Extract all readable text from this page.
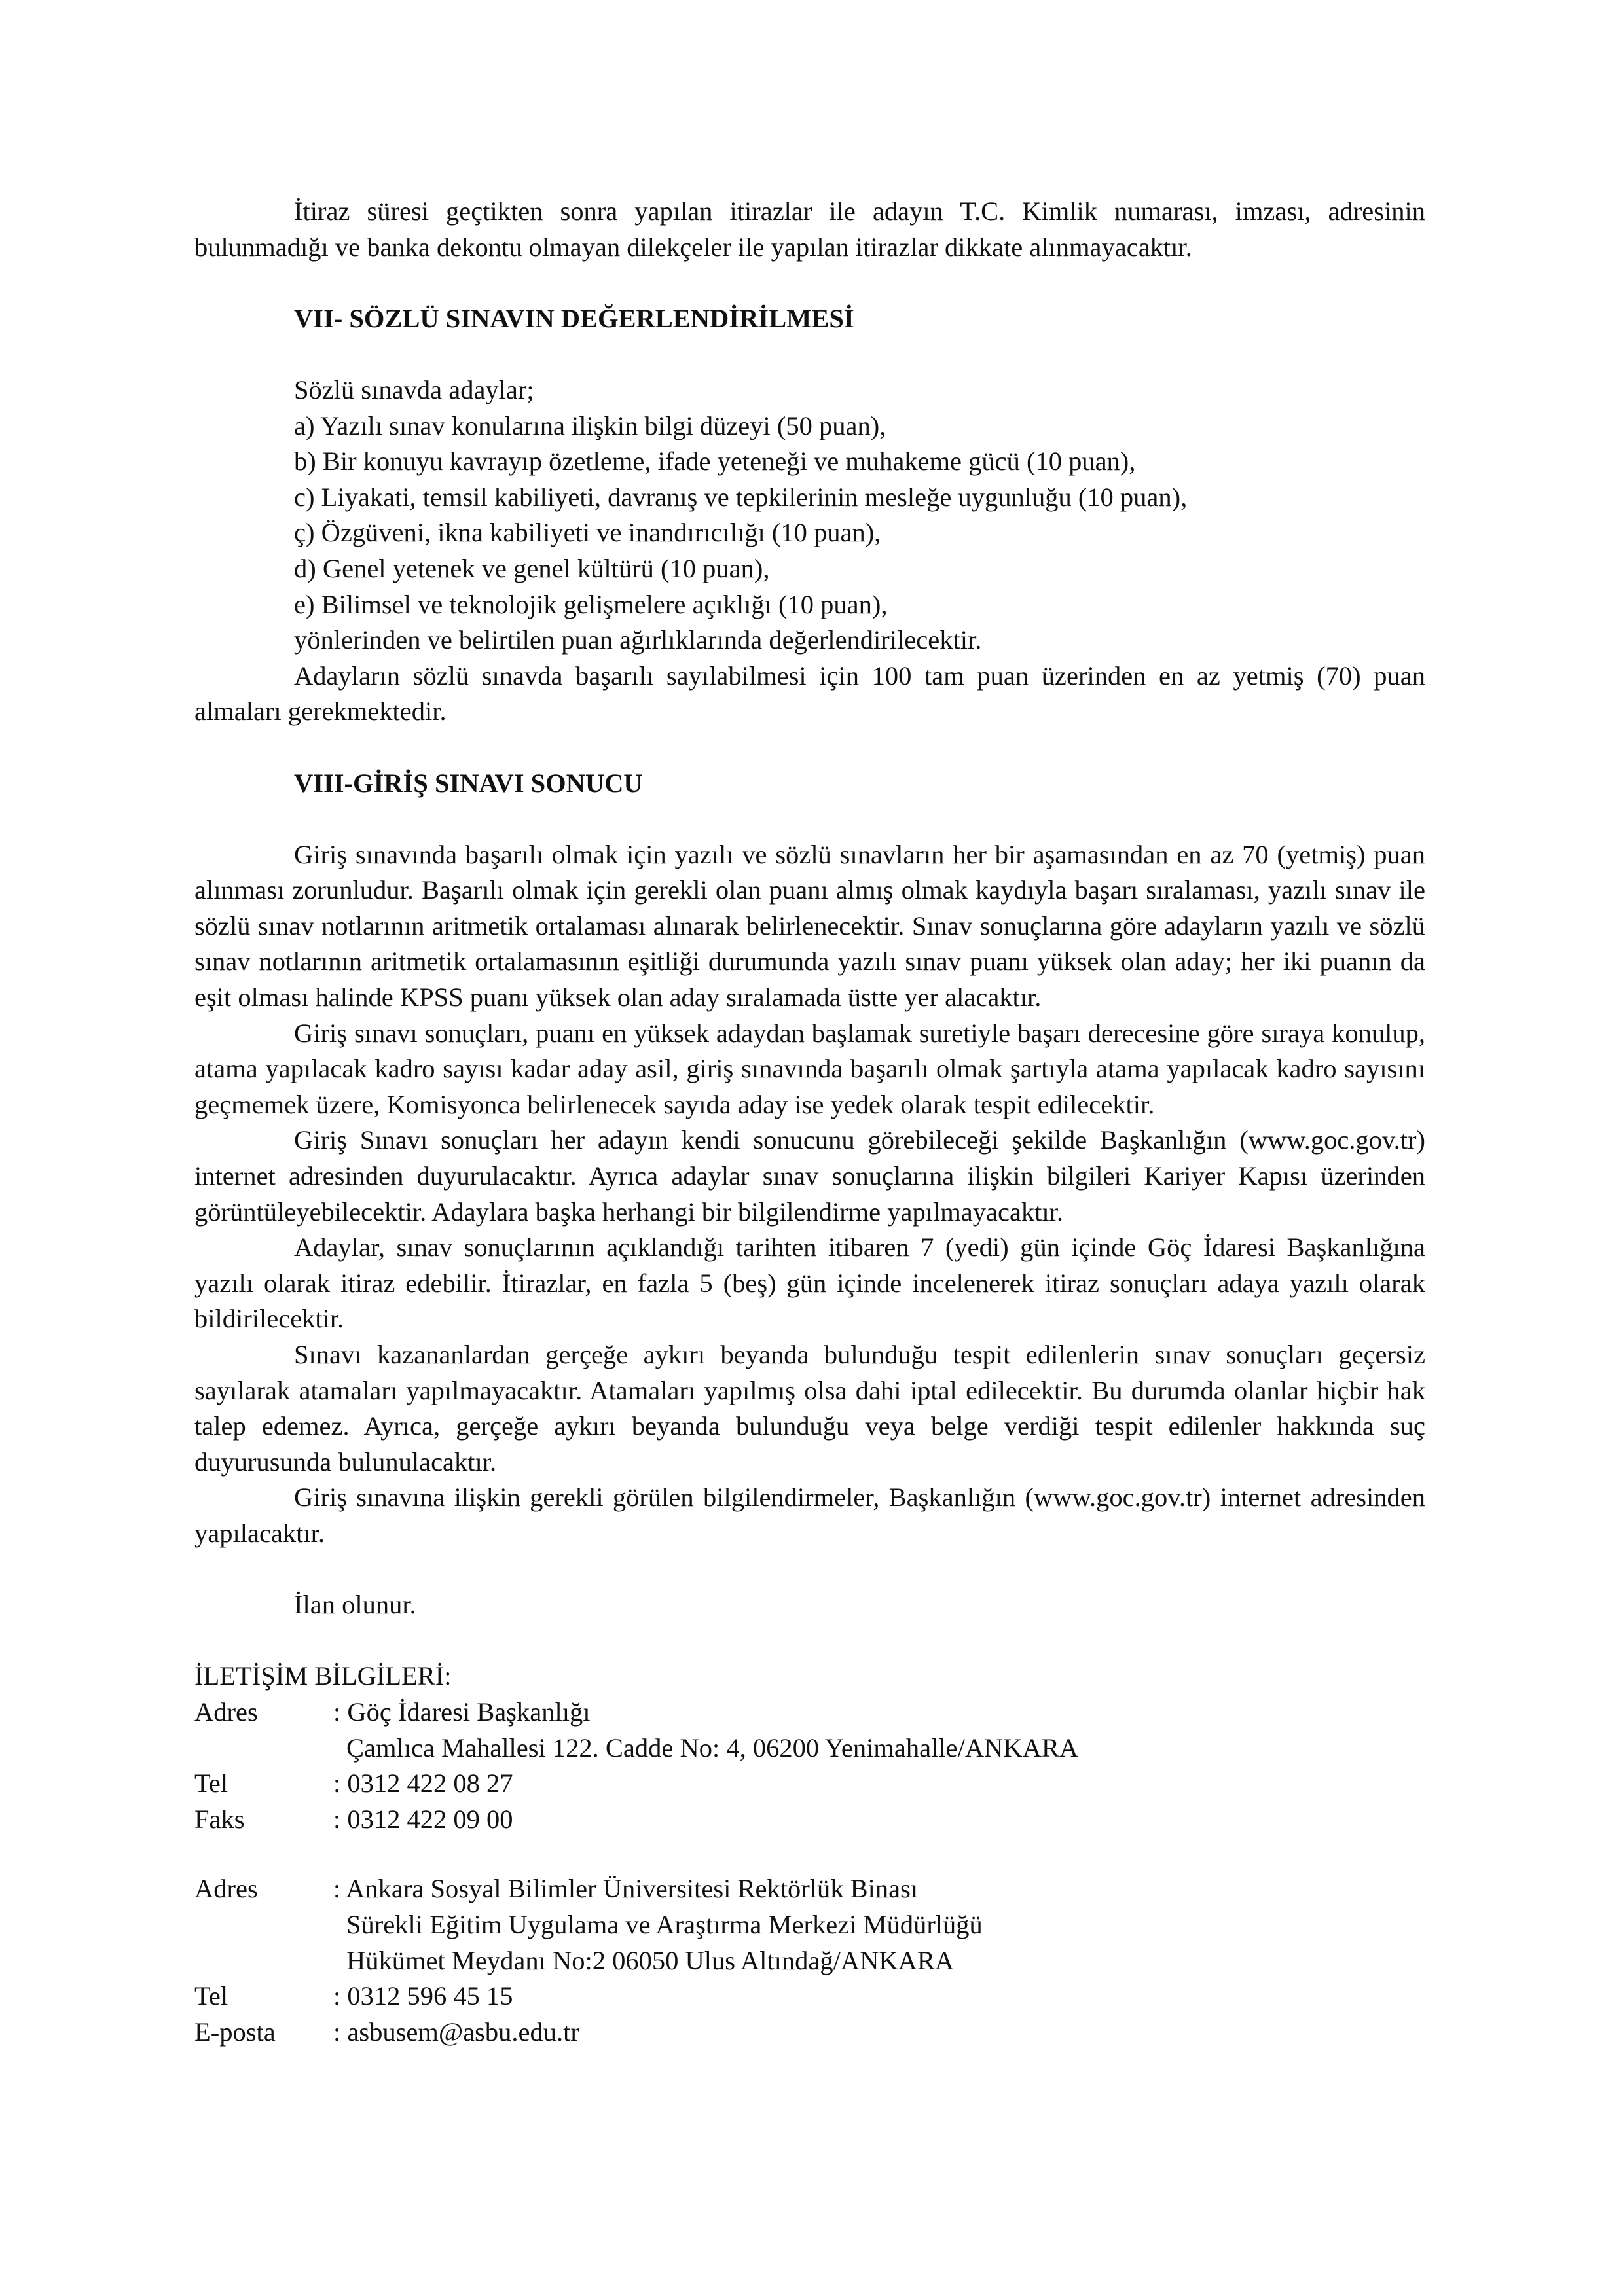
İtiraz süresi geçtikten sonra yapılan itirazlar ile adayın T.C. Kimlik numarası, imzası, adresinin bulunmadığı ve banka dekontu olmayan dilekçeler ile yapılan itirazlar dikkate alınmayacaktır.

VII- SÖZLÜ SINAVIN DEĞERLENDİRİLMESİ

Sözlü sınavda adaylar;

a) Yazılı sınav konularına ilişkin bilgi düzeyi (50 puan),

b) Bir konuyu kavrayıp özetleme, ifade yeteneği ve muhakeme gücü (10 puan),

c) Liyakati, temsil kabiliyeti, davranış ve tepkilerinin mesleğe uygunluğu (10 puan),

ç) Özgüveni, ikna kabiliyeti ve inandırıcılığı (10 puan),

d) Genel yetenek ve genel kültürü (10 puan),

e) Bilimsel ve teknolojik gelişmelere açıklığı (10 puan),

yönlerinden ve belirtilen puan ağırlıklarında değerlendirilecektir.

Adayların sözlü sınavda başarılı sayılabilmesi için 100 tam puan üzerinden en az yetmiş (70) puan almaları gerekmektedir.

VIII-GİRİŞ SINAVI SONUCU

Giriş sınavında başarılı olmak için yazılı ve sözlü sınavların her bir aşamasından en az 70 (yetmiş) puan alınması zorunludur. Başarılı olmak için gerekli olan puanı almış olmak kaydıyla başarı sıralaması, yazılı sınav ile sözlü sınav notlarının aritmetik ortalaması alınarak belirlenecektir. Sınav sonuçlarına göre adayların yazılı ve sözlü sınav notlarının aritmetik ortalamasının eşitliği durumunda yazılı sınav puanı yüksek olan aday; her iki puanın da eşit olması halinde KPSS puanı yüksek olan aday sıralamada üstte yer alacaktır.

Giriş sınavı sonuçları, puanı en yüksek adaydan başlamak suretiyle başarı derecesine göre sıraya konulup, atama yapılacak kadro sayısı kadar aday asil, giriş sınavında başarılı olmak şartıyla atama yapılacak kadro sayısını geçmemek üzere, Komisyonca belirlenecek sayıda aday ise yedek olarak tespit edilecektir.

Giriş Sınavı sonuçları her adayın kendi sonucunu görebileceği şekilde Başkanlığın (www.goc.gov.tr) internet adresinden duyurulacaktır. Ayrıca adaylar sınav sonuçlarına ilişkin bilgileri Kariyer Kapısı üzerinden görüntüleyebilecektir. Adaylara başka herhangi bir bilgilendirme yapılmayacaktır.

Adaylar, sınav sonuçlarının açıklandığı tarihten itibaren 7 (yedi) gün içinde Göç İdaresi Başkanlığına yazılı olarak itiraz edebilir. İtirazlar, en fazla 5 (beş) gün içinde incelenerek itiraz sonuçları adaya yazılı olarak bildirilecektir.

Sınavı kazananlardan gerçeğe aykırı beyanda bulunduğu tespit edilenlerin sınav sonuçları geçersiz sayılarak atamaları yapılmayacaktır. Atamaları yapılmış olsa dahi iptal edilecektir. Bu durumda olanlar hiçbir hak talep edemez. Ayrıca, gerçeğe aykırı beyanda bulunduğu veya belge verdiği tespit edilenler hakkında suç duyurusunda bulunulacaktır.

Giriş sınavına ilişkin gerekli görülen bilgilendirmeler, Başkanlığın (www.goc.gov.tr) internet adresinden yapılacaktır.

İlan olunur.

İLETİŞİM BİLGİLERİ:

Adres	: Göç İdaresi Başkanlığı

Çamlıca Mahallesi 122. Cadde No: 4, 06200 Yenimahalle/ANKARA

Tel	: 0312 422 08 27
Faks	: 0312 422 09 00
Adres	: Ankara Sosyal Bilimler Üniversitesi Rektörlük Binası

Sürekli Eğitim Uygulama ve Araştırma Merkezi Müdürlüğü

Hükümet Meydanı No:2 06050 Ulus Altındağ/ANKARA

Tel	: 0312 596 45 15
E-posta	: asbusem@asbu.edu.tr
